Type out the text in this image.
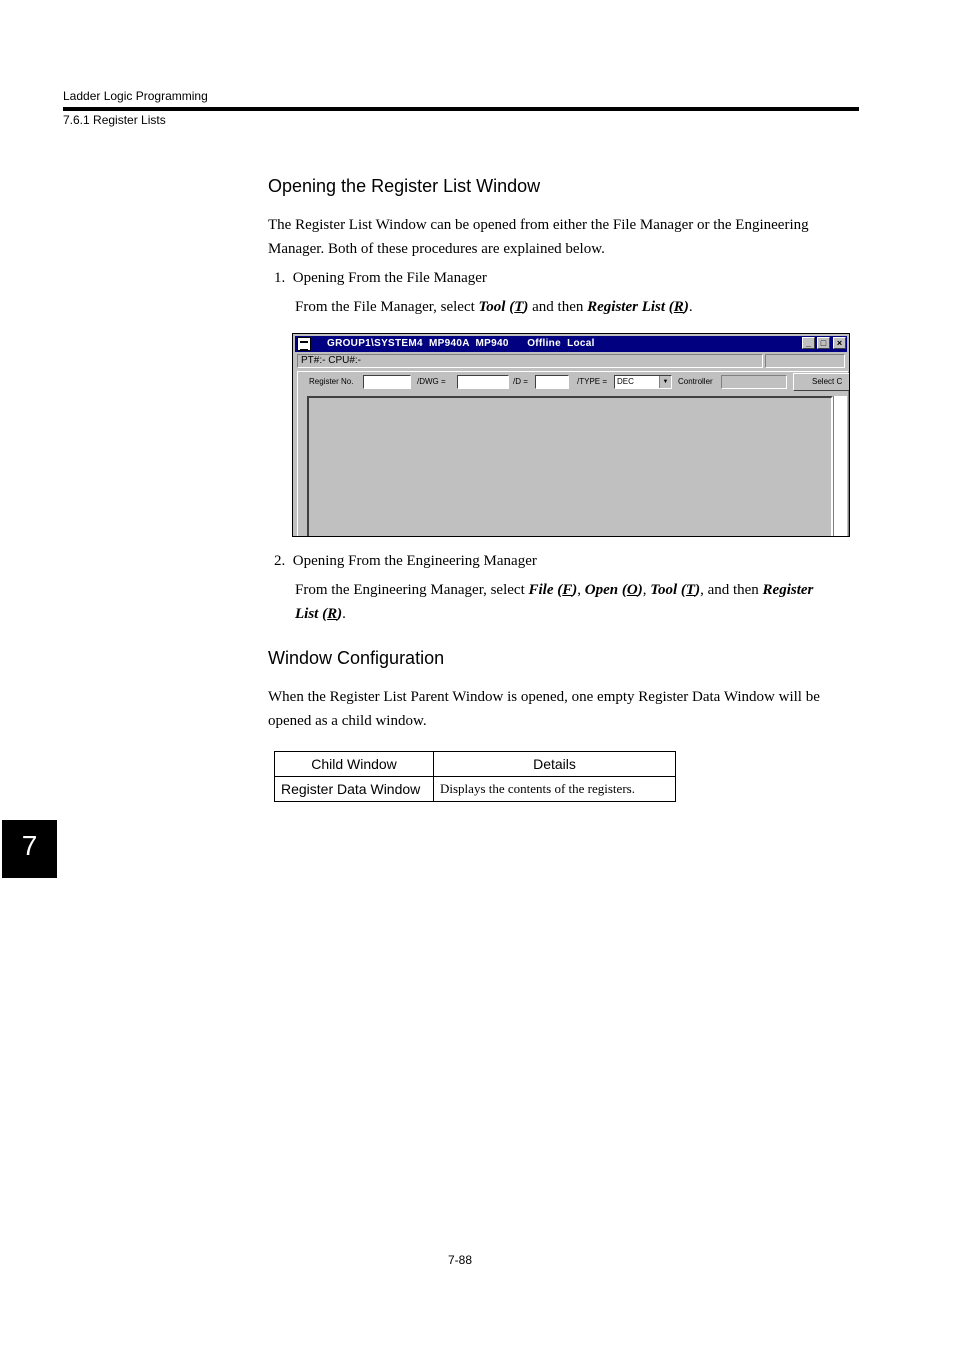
Ladder Logic Programming
7.6.1 Register Lists
Opening the Register List Window
The Register List Window can be opened from either the File Manager or the Engineering
Manager. Both of these procedures are explained below.
1.  Opening From the File Manager
From the File Manager, select Tool (T) and then Register List (R).
GROUP1\SYSTEM4  MP940A  MP940      Offline  Local	_	□	×
PT#:- CPU#:-
Register No.	/DWG =	/D =	/TYPE =	DEC	▼	Controller	Select C
2.  Opening From the Engineering Manager
From the Engineering Manager, select File (F), Open (O), Tool (T), and then Register
List (R).
Window Configuration
When the Register List Parent Window is opened, one empty Register Data Window will be
opened as a child window.
Child Window	Details
Register Data Window	Displays the contents of the registers.
7
7-88
